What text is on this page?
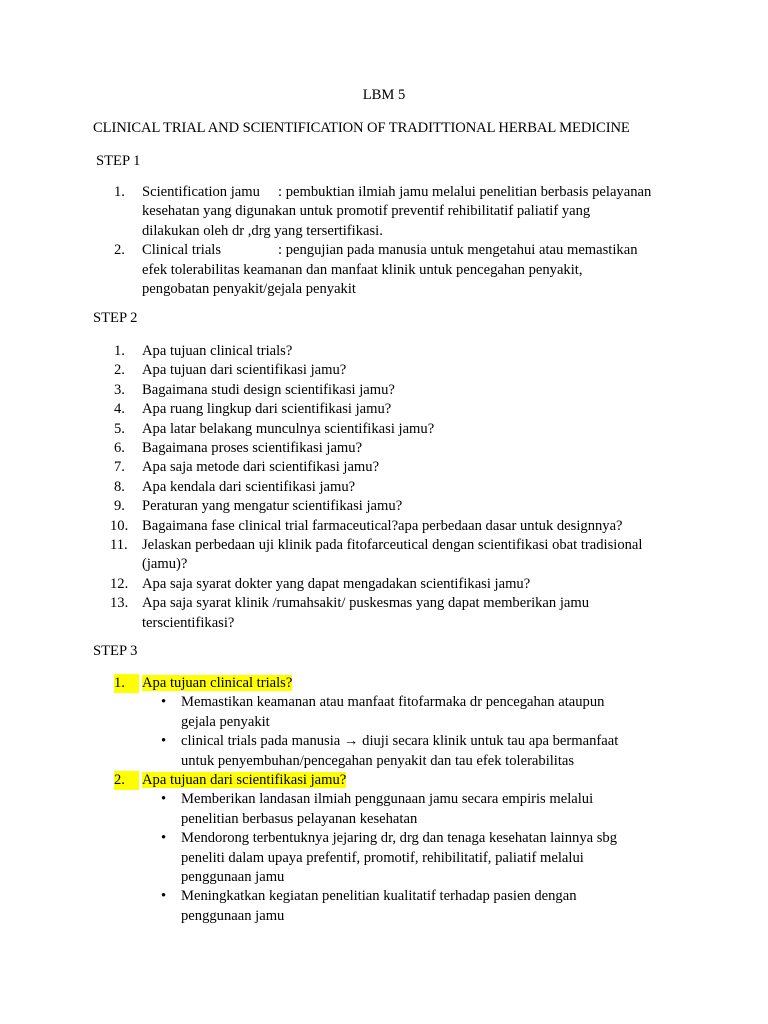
LBM 5
CLINICAL TRIAL AND SCIENTIFICATION OF TRADITTIONAL HERBAL MEDICINE
STEP 1
1.	Scientification jamu : pembuktian ilmiah jamu melalui penelitian berbasis pelayanan
kesehatan yang digunakan untuk promotif preventif rehibilitatif paliatif yang
dilakukan oleh dr ,drg yang tersertifikasi.
2.	Clinical trials	: pengujian pada manusia untuk mengetahui atau memastikan
efek tolerabilitas keamanan dan manfaat klinik untuk pencegahan penyakit,
pengobatan penyakit/gejala penyakit
STEP 2
1.	Apa tujuan clinical trials?
2.	Apa tujuan dari scientifikasi jamu?
3.	Bagaimana studi design scientifikasi jamu?
4.	Apa ruang lingkup dari scientifikasi jamu?
5.	Apa latar belakang munculnya scientifikasi jamu?
6.	Bagaimana proses scientifikasi jamu?
7.	Apa saja metode dari scientifikasi jamu?
8.	Apa kendala dari scientifikasi jamu?
9.	Peraturan yang mengatur scientifikasi jamu?
10. Bagaimana fase clinical trial farmaceutical?apa perbedaan dasar untuk designnya?
11. Jelaskan perbedaan uji klinik pada fitofarceutical dengan scientifikasi obat tradisional
(jamu)?
12. Apa saja syarat dokter yang dapat mengadakan scientifikasi jamu?
13. Apa saja syarat klinik /rumahsakit/ puskesmas yang dapat memberikan jamu
terscientifikasi?
STEP 3
1.	Apa tujuan clinical trials?
• Memastikan keamanan atau manfaat fitofarmaka dr pencegahan ataupun
gejala penyakit
• clinical trials pada manusia → diuji secara klinik untuk tau apa bermanfaat
untuk penyembuhan/pencegahan penyakit dan tau efek tolerabilitas
2.	Apa tujuan dari scientifikasi jamu?
• Memberikan landasan ilmiah penggunaan jamu secara empiris melalui
penelitian berbasus pelayanan kesehatan
• Mendorong terbentuknya jejaring dr, drg dan tenaga kesehatan lainnya sbg
peneliti dalam upaya prefentif, promotif, rehibilitatif, paliatif melalui
penggunaan jamu
• Meningkatkan kegiatan penelitian kualitatif terhadap pasien dengan
penggunaan jamu
